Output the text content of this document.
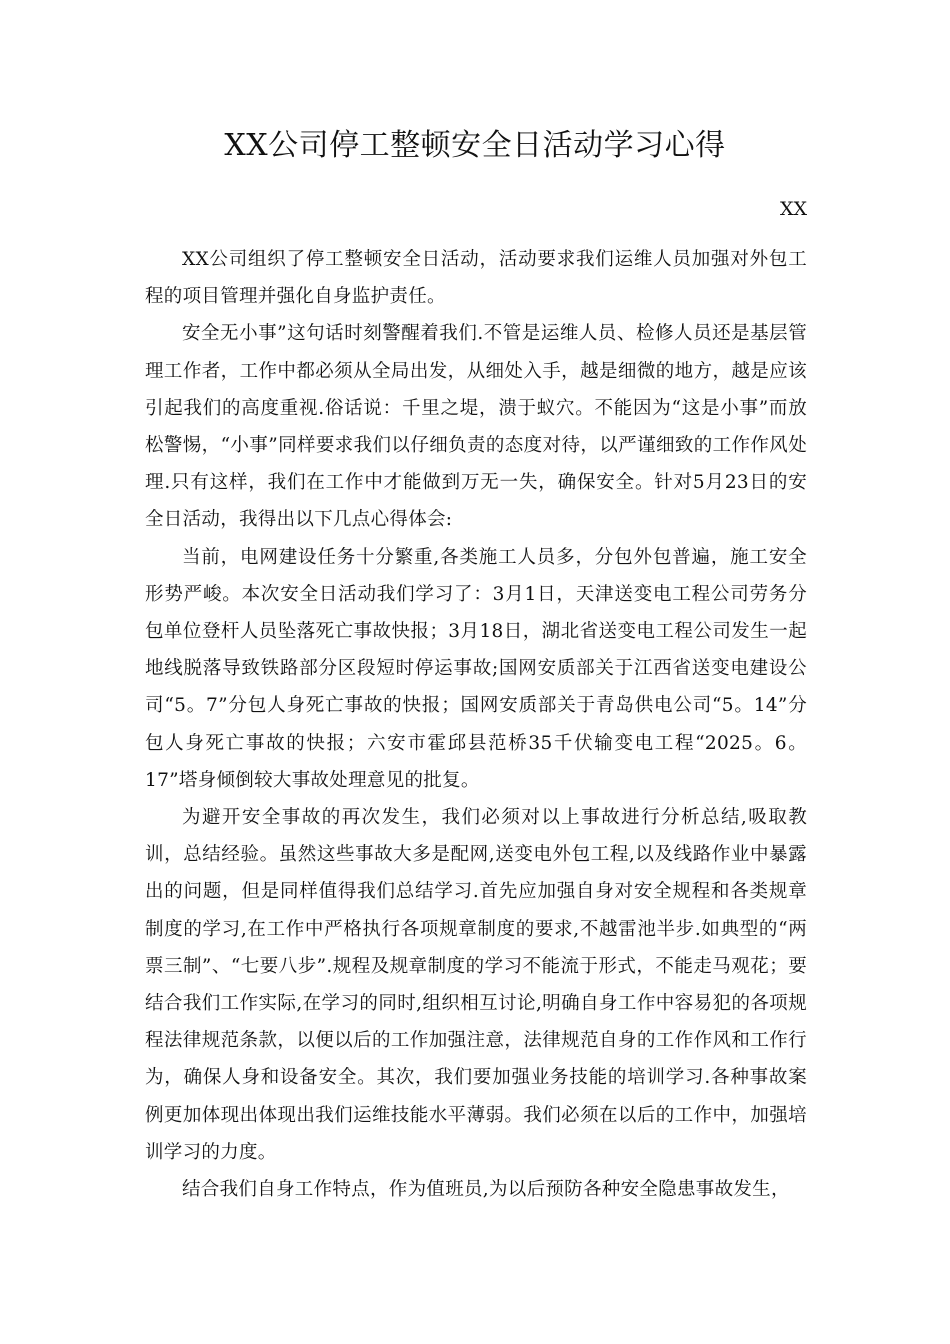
XX公司停工整顿安全日活动学习心得
XX

XX公司组织了停工整顿安全日活动，活动要求我们运维人员加强对外包工程的项目管理并强化自身监护责任。

安全无小事”这句话时刻警醒着我们.不管是运维人员、检修人员还是基层管理工作者，工作中都必须从全局出发，从细处入手，越是细微的地方，越是应该引起我们的高度重视.俗话说：千里之堤，溃于蚁穴。不能因为“这是小事”而放松警惕，“小事”同样要求我们以仔细负责的态度对待，以严谨细致的工作作风处理.只有这样，我们在工作中才能做到万无一失，确保安全。针对5月23日的安全日活动，我得出以下几点心得体会:

当前，电网建设任务十分繁重,各类施工人员多，分包外包普遍，施工安全形势严峻。本次安全日活动我们学习了：3月1日，天津送变电工程公司劳务分包单位登杆人员坠落死亡事故快报；3月18日，湖北省送变电工程公司发生一起地线脱落导致铁路部分区段短时停运事故;国网安质部关于江西省送变电建设公司“5。7”分包人身死亡事故的快报；国网安质部关于青岛供电公司“5。14”分包人身死亡事故的快报；六安市霍邱县范桥35千伏输变电工程“2025。6。17”塔身倾倒较大事故处理意见的批复。

为避开安全事故的再次发生，我们必须对以上事故进行分析总结,吸取教训，总结经验。虽然这些事故大多是配网,送变电外包工程,以及线路作业中暴露出的问题，但是同样值得我们总结学习.首先应加强自身对安全规程和各类规章制度的学习,在工作中严格执行各项规章制度的要求,不越雷池半步.如典型的“两票三制”、“七要八步”.规程及规章制度的学习不能流于形式，不能走马观花；要结合我们工作实际,在学习的同时,组织相互讨论,明确自身工作中容易犯的各项规程法律规范条款，以便以后的工作加强注意，法律规范自身的工作作风和工作行为，确保人身和设备安全。其次，我们要加强业务技能的培训学习.各种事故案例更加体现出体现出我们运维技能水平薄弱。我们必须在以后的工作中，加强培训学习的力度。

结合我们自身工作特点，作为值班员,为以后预防各种安全隐患事故发生，
